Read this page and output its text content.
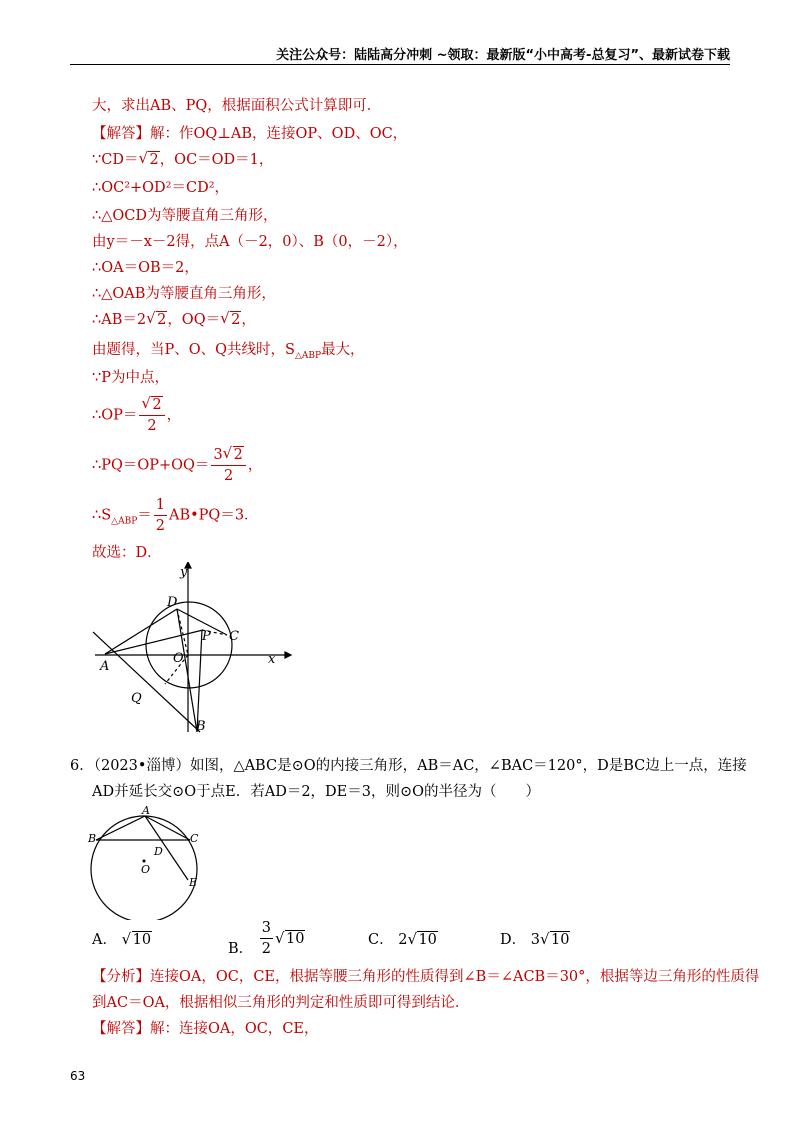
关注公众号：陆陆高分冲刺 ~领取：最新版“小中高考-总复习”、最新试卷下载
大，求出AB、PQ，根据面积公式计算即可．
【解答】解：作OQ⊥AB，连接OP、OD、OC，
∵CD＝ √ 2，OC＝OD＝1，
∴OC²+OD²＝CD²，
∴△OCD为等腰直角三角形，
由y＝－x－2得，点A（－2，0）、B（0，－2），
∴OA＝OB＝2，
∴△OAB为等腰直角三角形，
∴AB＝2 √ 2，OQ＝ √ 2，
由题得，当P、O、Q共线时，$S_{\triangle ABP}$最大，
∵P为中点，
∴OP＝ $\frac{√ 2}{2}$ ，
∴PQ＝OP+OQ＝ $\frac{3 √ 2}{2}$ ，
$\therefore S_{\triangle ABP}= \frac{1}{2}$ AB•PQ＝3．
故选：D．
y
D
P C
A
O	x
Q
B
6．（2023•淄博）如图，△ABC是⊙O的内接三角形，AB＝AC，∠BAC＝120°，D是BC边上一点，连接
AD并延长交⊙O于点E．若AD＝2，DE＝3，则⊙O的半径为（　　）
A
B	C
D
O
E
A． √ 10
B． $\frac{3}{2}$ √ 10	C． 2 √ 10	D． 3 √ 10
【分析】连接OA，OC，CE，根据等腰三角形的性质得到∠B＝∠ACB＝30°，根据等边三角形的性质得
到AC＝OA，根据相似三角形的判定和性质即可得到结论．
【解答】解：连接OA，OC，CE，
63
